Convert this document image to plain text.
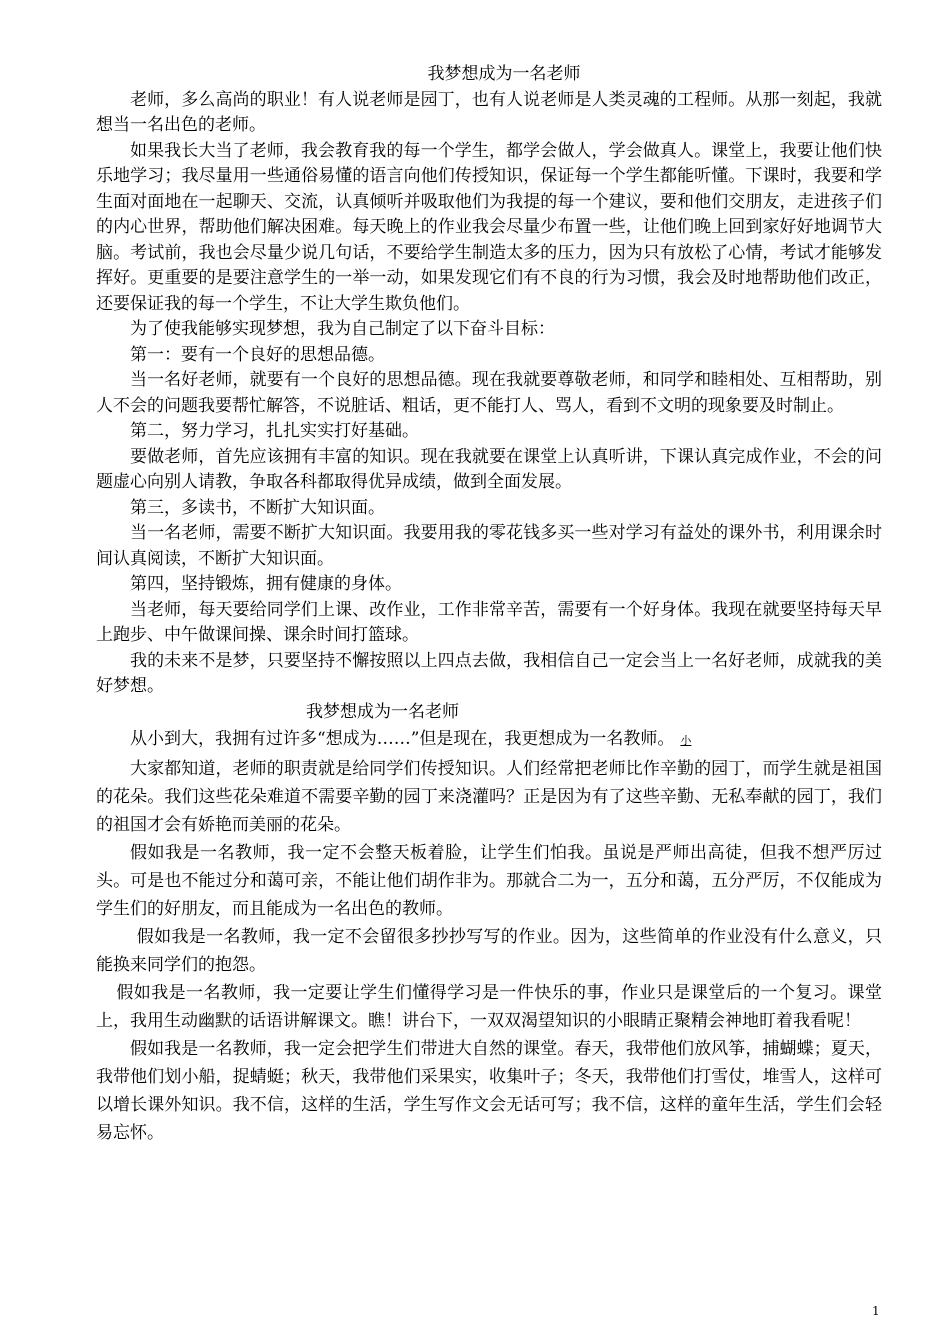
我梦想成为一名老师

老师，多么高尚的职业！有人说老师是园丁，也有人说老师是人类灵魂的工程师。从那一刻起，我就想当一名出色的老师。

如果我长大当了老师，我会教育我的每一个学生，都学会做人，学会做真人。课堂上，我要让他们快乐地学习；我尽量用一些通俗易懂的语言向他们传授知识，保证每一个学生都能听懂。下课时，我要和学生面对面地在一起聊天、交流，认真倾听并吸取他们为我提的每一个建议，要和他们交朋友，走进孩子们的内心世界，帮助他们解决困难。每天晚上的作业我会尽量少布置一些，让他们晚上回到家好好地调节大脑。考试前，我也会尽量少说几句话，不要给学生制造太多的压力，因为只有放松了心情，考试才能够发挥好。更重要的是要注意学生的一举一动，如果发现它们有不良的行为习惯，我会及时地帮助他们改正，还要保证我的每一个学生，不让大学生欺负他们。

为了使我能够实现梦想，我为自己制定了以下奋斗目标：

第一：要有一个良好的思想品德。

当一名好老师，就要有一个良好的思想品德。现在我就要尊敬老师，和同学和睦相处、互相帮助，别人不会的问题我要帮忙解答，不说脏话、粗话，更不能打人、骂人，看到不文明的现象要及时制止。

第二，努力学习，扎扎实实打好基础。

要做老师，首先应该拥有丰富的知识。现在我就要在课堂上认真听讲，下课认真完成作业，不会的问题虚心向别人请教，争取各科都取得优异成绩，做到全面发展。

第三，多读书，不断扩大知识面。

当一名老师，需要不断扩大知识面。我要用我的零花钱多买一些对学习有益处的课外书，利用课余时间认真阅读，不断扩大知识面。

第四，坚持锻炼，拥有健康的身体。

当老师，每天要给同学们上课、改作业，工作非常辛苦，需要有一个好身体。我现在就要坚持每天早上跑步、中午做课间操、课余时间打篮球。

我的未来不是梦，只要坚持不懈按照以上四点去做，我相信自己一定会当上一名好老师，成就我的美好梦想。

我梦想成为一名老师

从小到大，我拥有过许多“想成为……”但是现在，我更想成为一名教师。 小

大家都知道，老师的职责就是给同学们传授知识。人们经常把老师比作辛勤的园丁，而学生就是祖国的花朵。我们这些花朵难道不需要辛勤的园丁来浇灌吗？正是因为有了这些辛勤、无私奉献的园丁，我们的祖国才会有娇艳而美丽的花朵。

假如我是一名教师，我一定不会整天板着脸，让学生们怕我。虽说是严师出高徒，但我不想严厉过头。可是也不能过分和蔼可亲，不能让他们胡作非为。那就合二为一，五分和蔼，五分严厉，不仅能成为学生们的好朋友，而且能成为一名出色的教师。

假如我是一名教师，我一定不会留很多抄抄写写的作业。因为，这些简单的作业没有什么意义，只能换来同学们的抱怨。

假如我是一名教师，我一定要让学生们懂得学习是一件快乐的事，作业只是课堂后的一个复习。课堂上，我用生动幽默的话语讲解课文。瞧！讲台下，一双双渴望知识的小眼睛正聚精会神地盯着我看呢！

假如我是一名教师，我一定会把学生们带进大自然的课堂。春天，我带他们放风筝，捕蝴蝶；夏天，我带他们划小船，捉蜻蜓；秋天，我带他们采果实，收集叶子；冬天，我带他们打雪仗，堆雪人，这样可以增长课外知识。我不信，这样的生活，学生写作文会无话可写；我不信，这样的童年生活，学生们会轻易忘怀。

1
